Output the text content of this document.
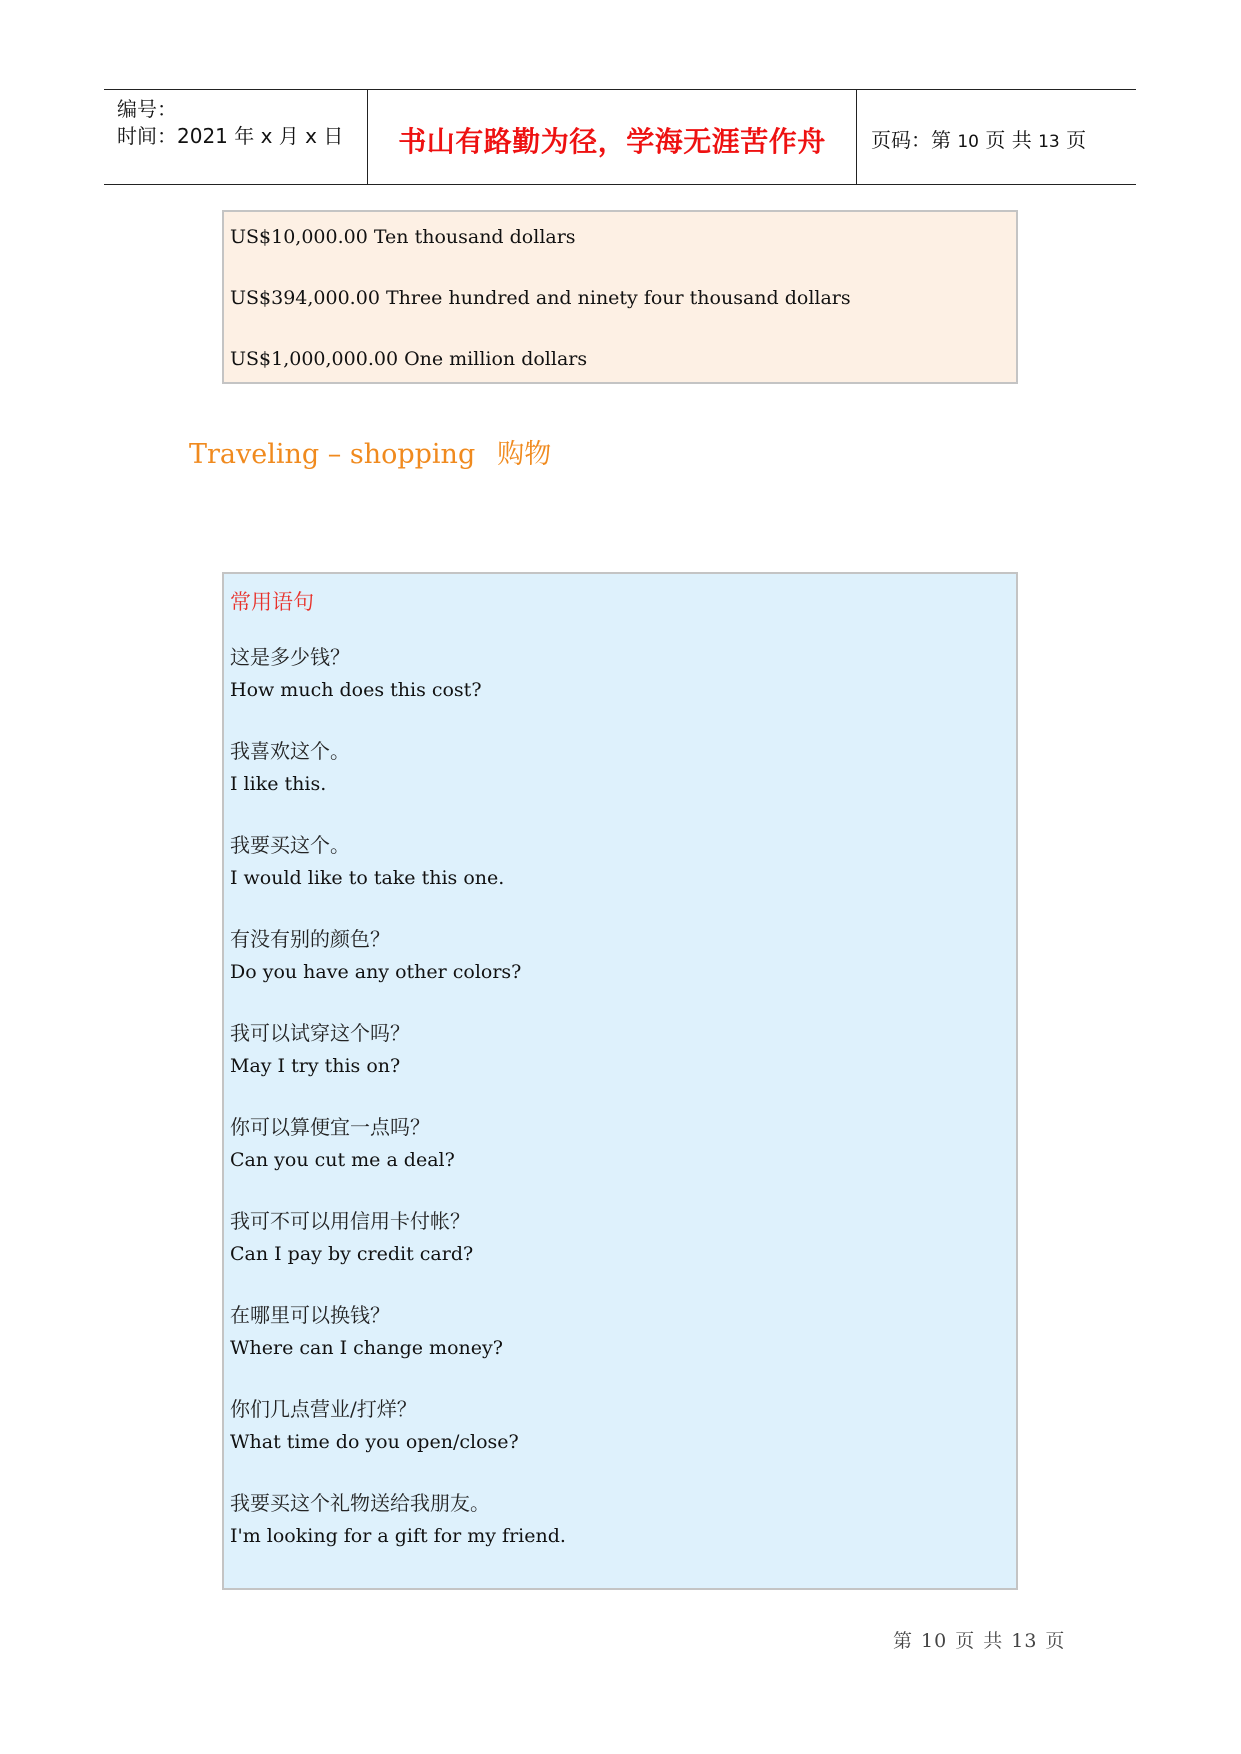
编号：
时间：2021 年 x 月 x 日	书山有路勤为径，学海无涯苦作舟	页码：第 10 页 共 13 页
US$10,000.00 Ten thousand dollars
US$394,000.00 Three hundred and ninety four thousand dollars
US$1,000,000.00 One million dollars
Traveling – shopping 购物
常用语句
这是多少钱？
How much does this cost?
我喜欢这个。
I like this.
我要买这个。
I would like to take this one.
有没有别的颜色？
Do you have any other colors?
我可以试穿这个吗？
May I try this on?
你可以算便宜一点吗？
Can you cut me a deal?
我可不可以用信用卡付帐？
Can I pay by credit card?
在哪里可以换钱？
Where can I change money?
你们几点营业/打烊？
What time do you open/close?
我要买这个礼物送给我朋友。
I'm looking for a gift for my friend.
第 10 页 共 13 页
